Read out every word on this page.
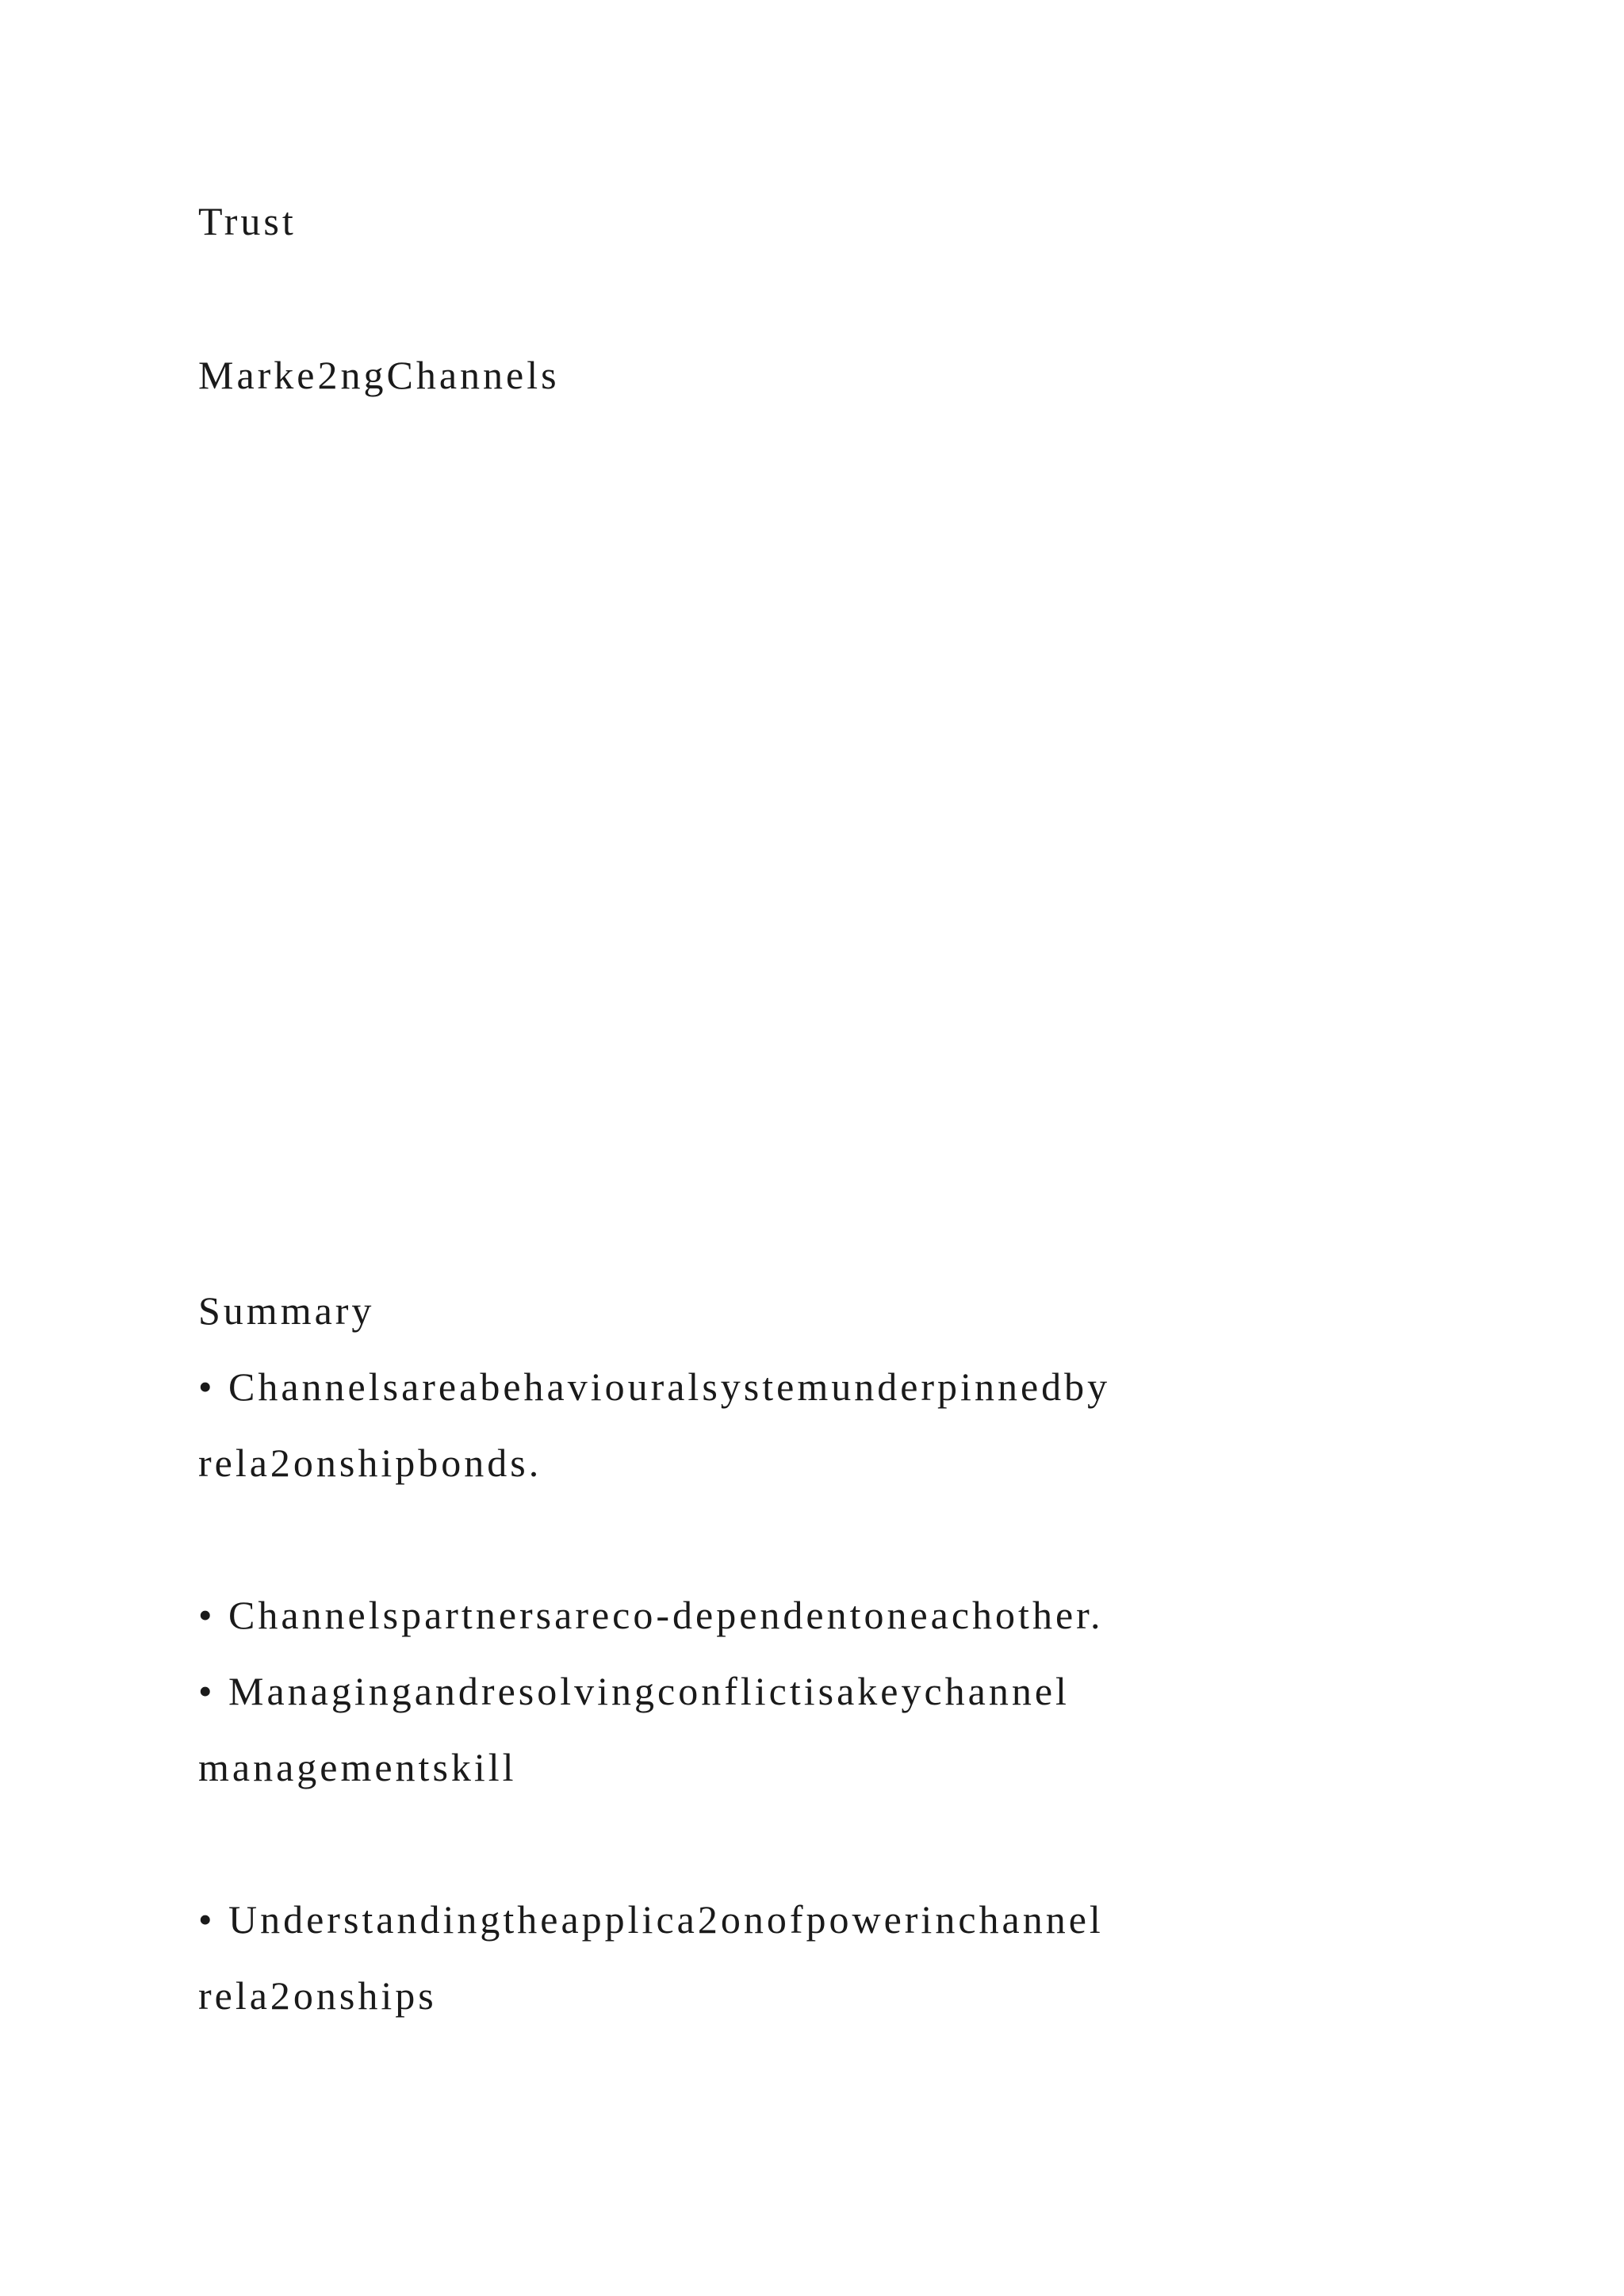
Trust
Marke2ngChannels
Summary
• Channelsareabehaviouralsystemunderpinnedby
rela2onshipbonds.
• Channelspartnersareco-dependentoneachother.
• Managingandresolvingconflictisakeychannel
managementskill
• Understandingtheapplica2onofpowerinchannel
rela2onships
